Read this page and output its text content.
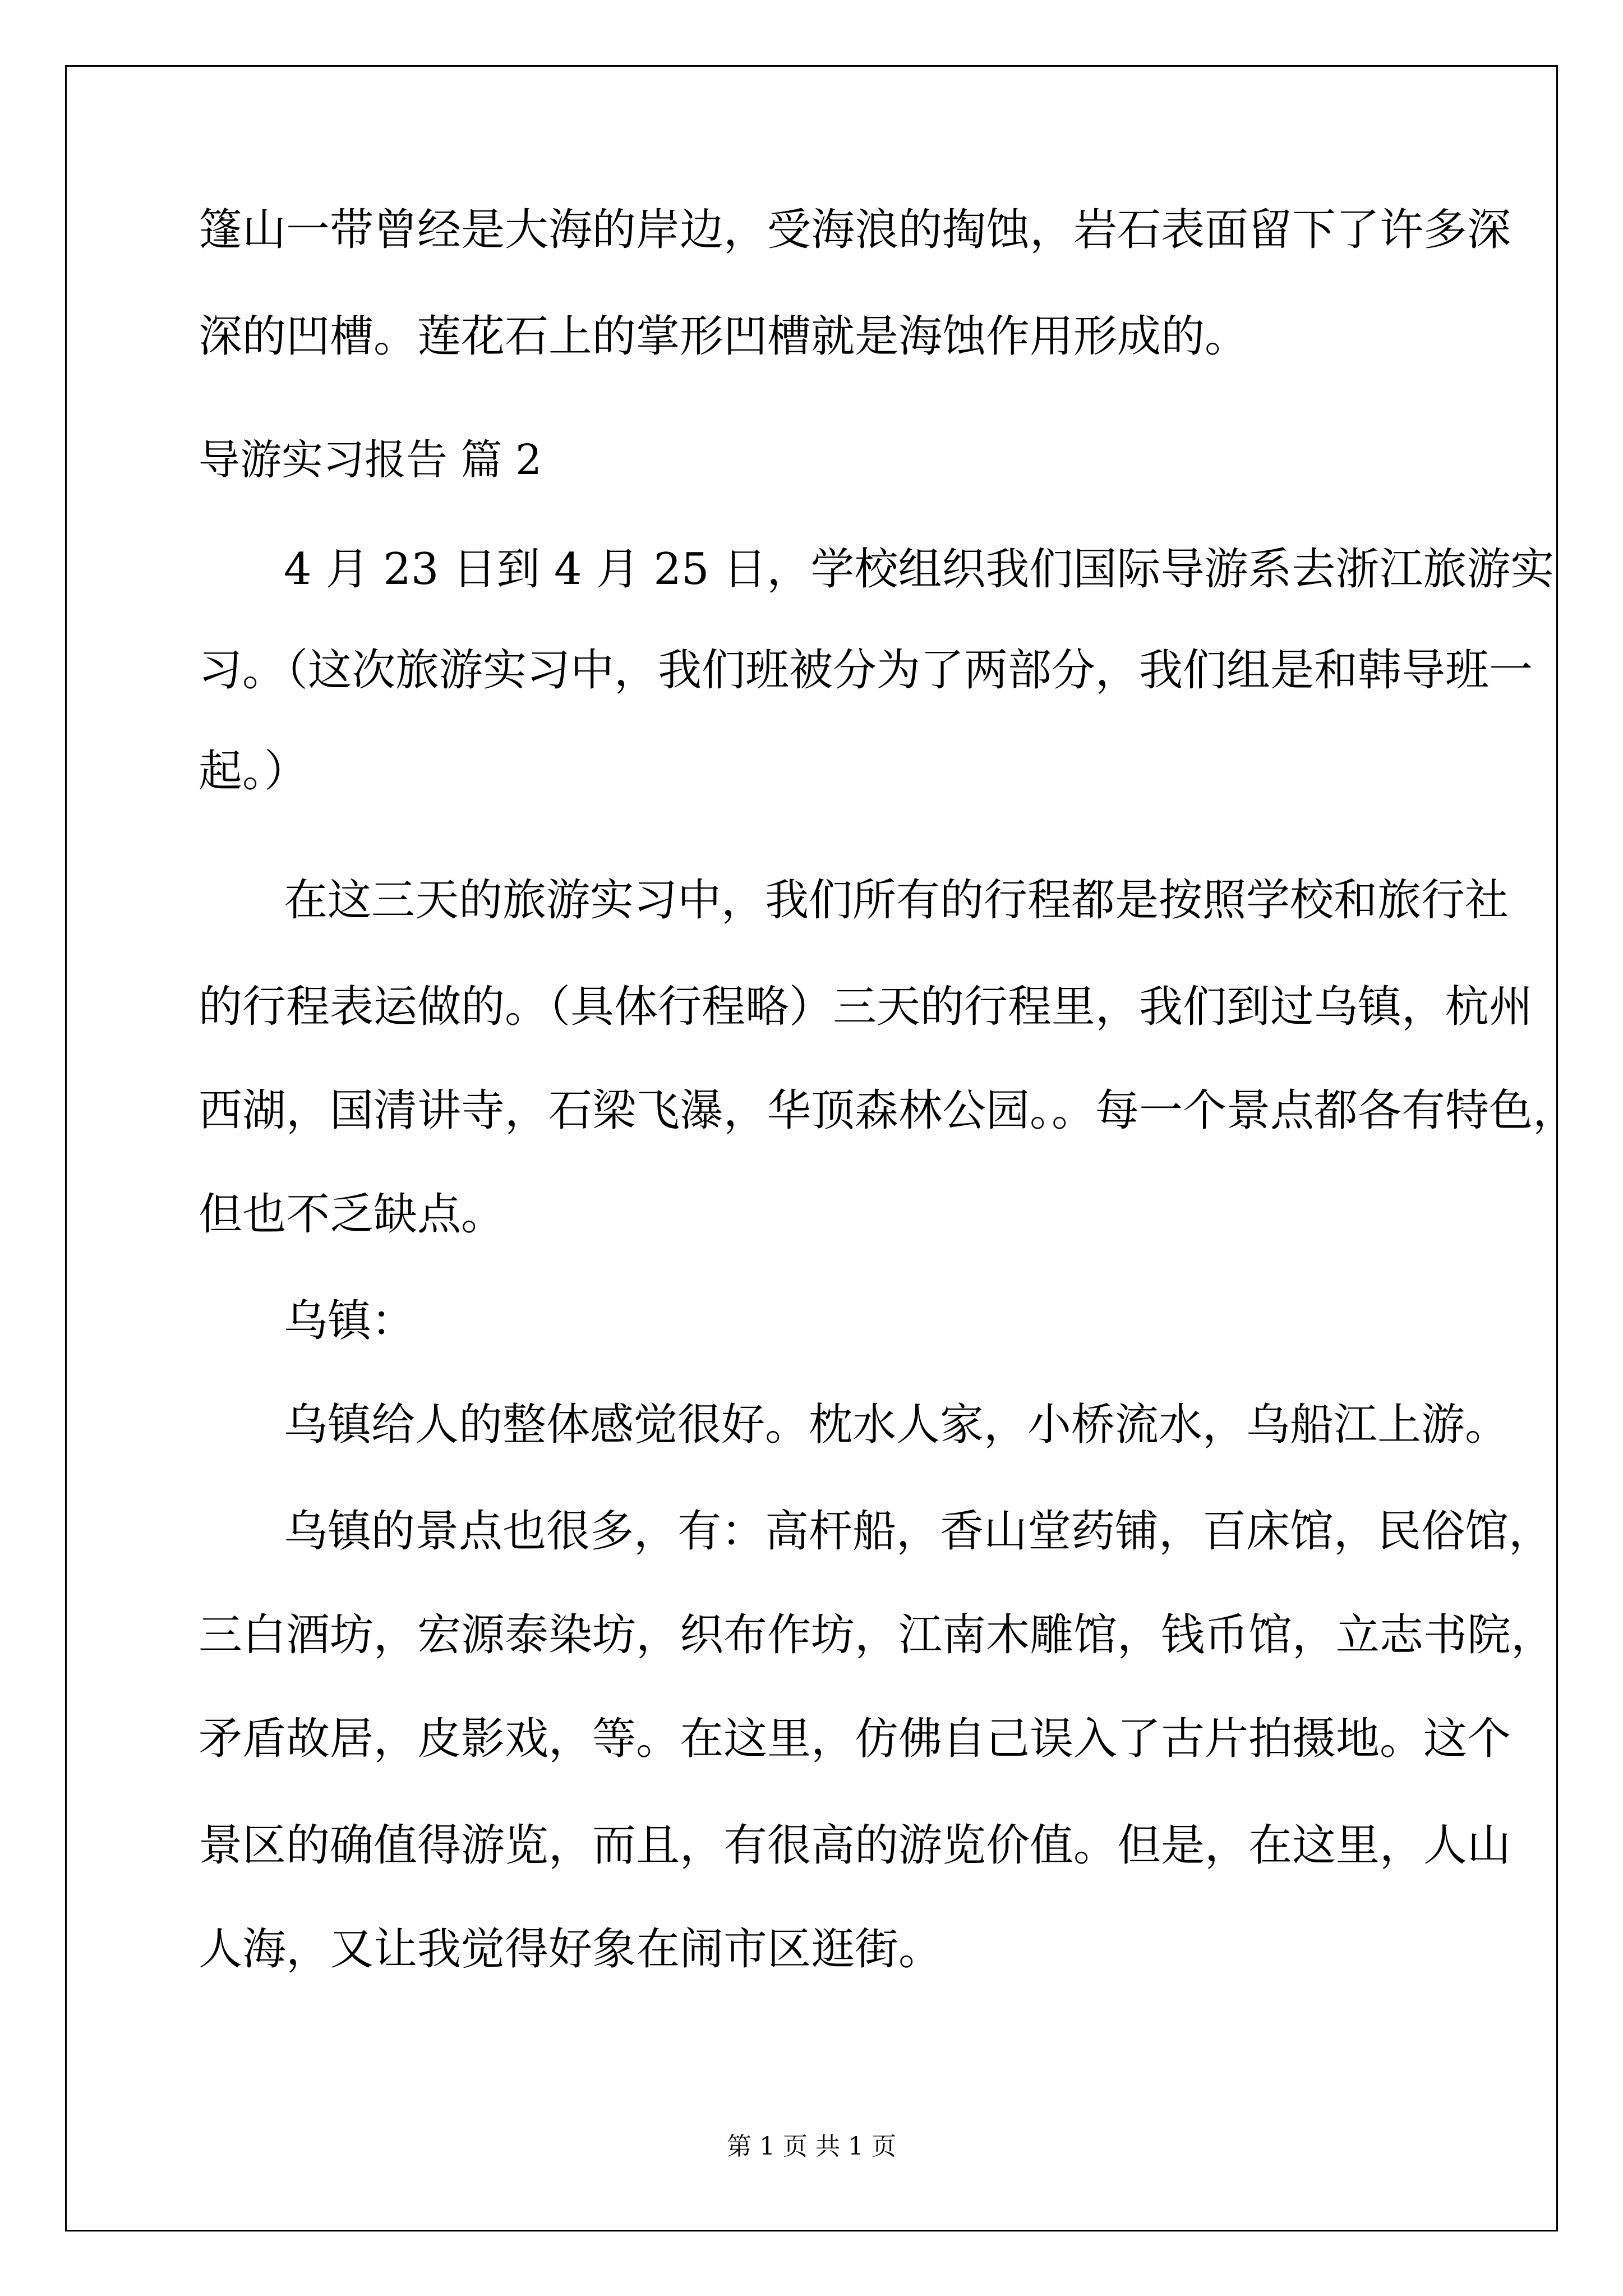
篷山一带曾经是大海的岸边，受海浪的掏蚀，岩石表面留下了许多深
深的凹槽。莲花石上的掌形凹槽就是海蚀作用形成的。
导游实习报告 篇 2
4 月 23 日到 4 月 25 日，学校组织我们国际导游系去浙江旅游实
习。（这次旅游实习中，我们班被分为了两部分，我们组是和韩导班一
起。）
在这三天的旅游实习中，我们所有的行程都是按照学校和旅行社
的行程表运做的。（具体行程略）三天的行程里，我们到过乌镇，杭州
西湖，国清讲寺，石梁飞瀑，华顶森林公园。。每一个景点都各有特色，
但也不乏缺点。
乌镇：
乌镇给人的整体感觉很好。枕水人家，小桥流水，乌船江上游。
乌镇的景点也很多，有：高杆船，香山堂药铺，百床馆，民俗馆，
三白酒坊，宏源泰染坊，织布作坊，江南木雕馆，钱币馆，立志书院，
矛盾故居，皮影戏，等。在这里，仿佛自己误入了古片拍摄地。这个
景区的确值得游览，而且，有很高的游览价值。但是，在这里，人山
人海，又让我觉得好象在闹市区逛街。
第 1 页 共 1 页
